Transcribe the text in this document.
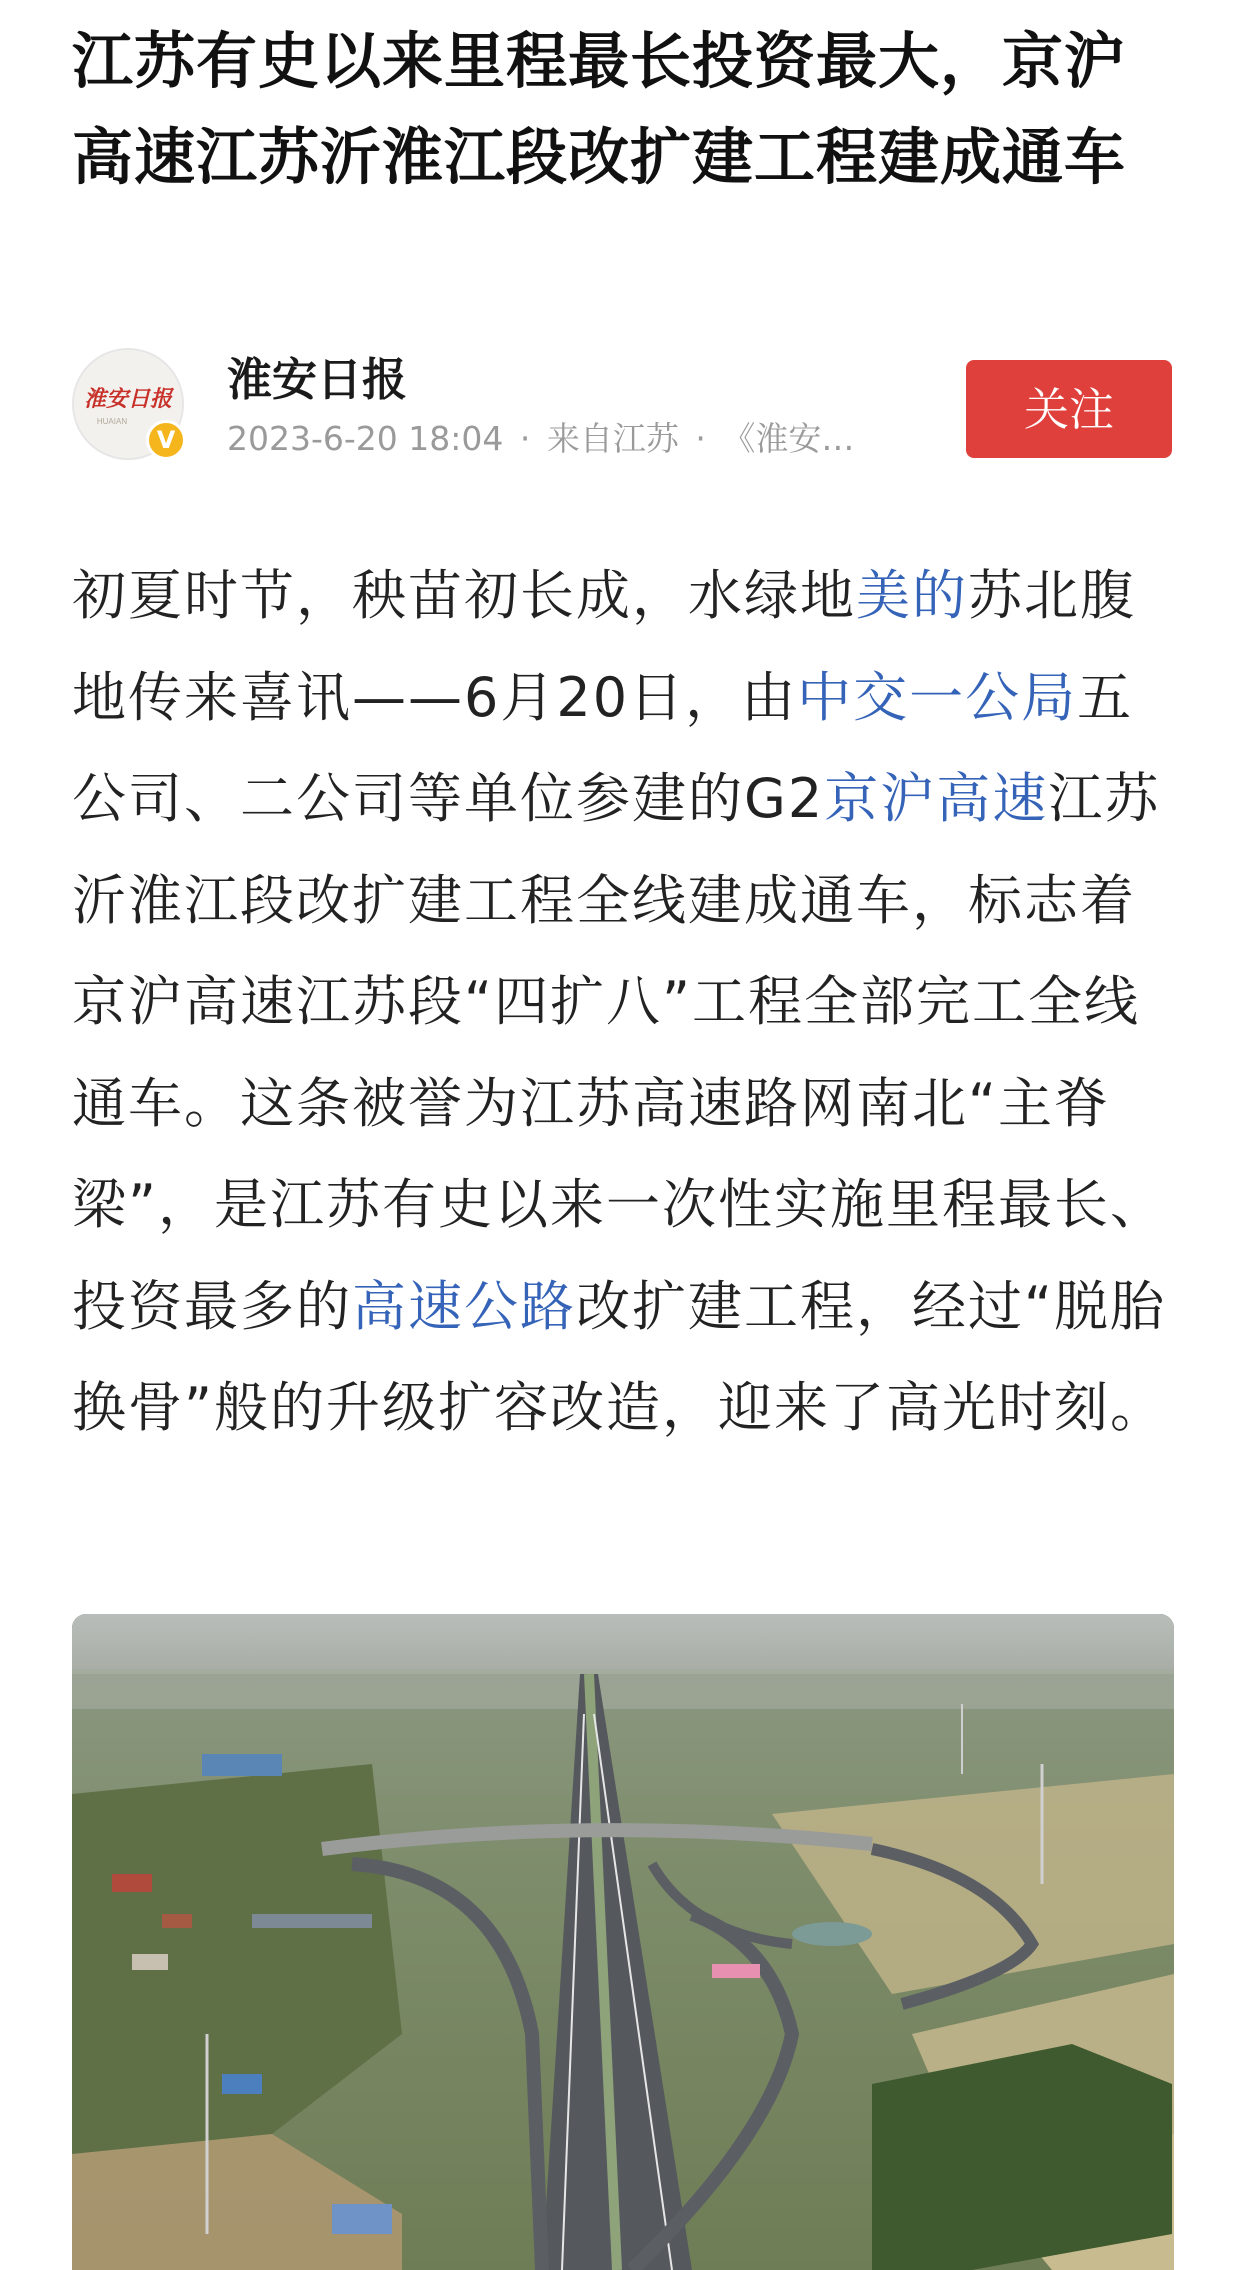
江苏有史以来里程最长投资最大，京沪高速江苏沂淮江段改扩建工程建成通车
淮安日报
HUAIAN
V

淮安日报

2023-6-20 18:04 · 来自江苏 · 《淮安…
关注

初夏时节，秧苗初长成，水绿地美的苏北腹地传来喜讯——6月20日，由中交一公局五公司、二公司等单位参建的G2京沪高速江苏沂淮江段改扩建工程全线建成通车，标志着京沪高速江苏段“四扩八”工程全部完工全线通车。这条被誉为江苏高速路网南北“主脊梁”，是江苏有史以来一次性实施里程最长、投资最多的高速公路改扩建工程，经过“脱胎换骨”般的升级扩容改造，迎来了高光时刻。
